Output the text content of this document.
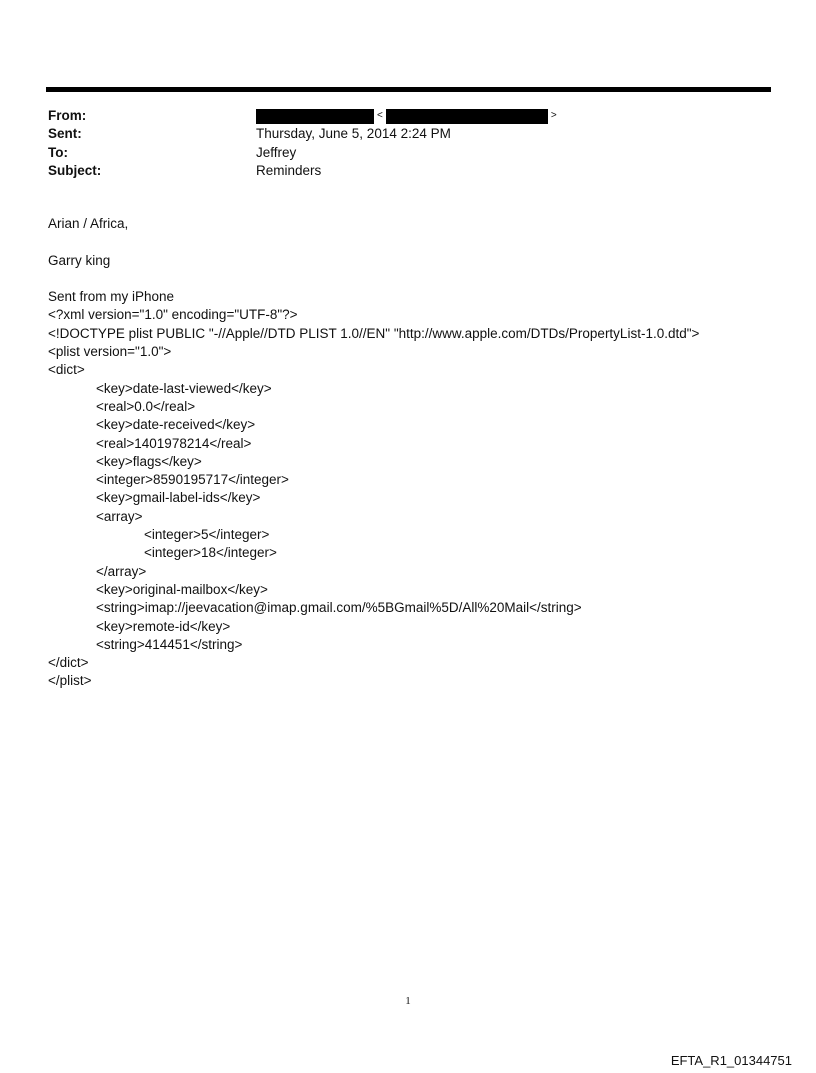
From:	<	>
Sent:	Thursday, June 5, 2014 2:24 PM
To:	Jeffrey
Subject:	Reminders

Arian / Africa,

Garry king

Sent from my iPhone

<?xml version="1.0" encoding="UTF-8"?>
<!DOCTYPE plist PUBLIC "-//Apple//DTD PLIST 1.0//EN" "http://www.apple.com/DTDs/PropertyList-1.0.dtd">
<plist version="1.0">
<dict>
<key>date-last-viewed</key>
<real>0.0</real>
<key>date-received</key>
<real>1401978214</real>
<key>flags</key>
<integer>8590195717</integer>
<key>gmail-label-ids</key>
<array>
<integer>5</integer>
<integer>18</integer>
</array>
<key>original-mailbox</key>
<string>imap://jeevacation@imap.gmail.com/%5BGmail%5D/All%20Mail</string>
<key>remote-id</key>
<string>414451</string>
</dict>
</plist>
1
EFTA_R1_01344751
